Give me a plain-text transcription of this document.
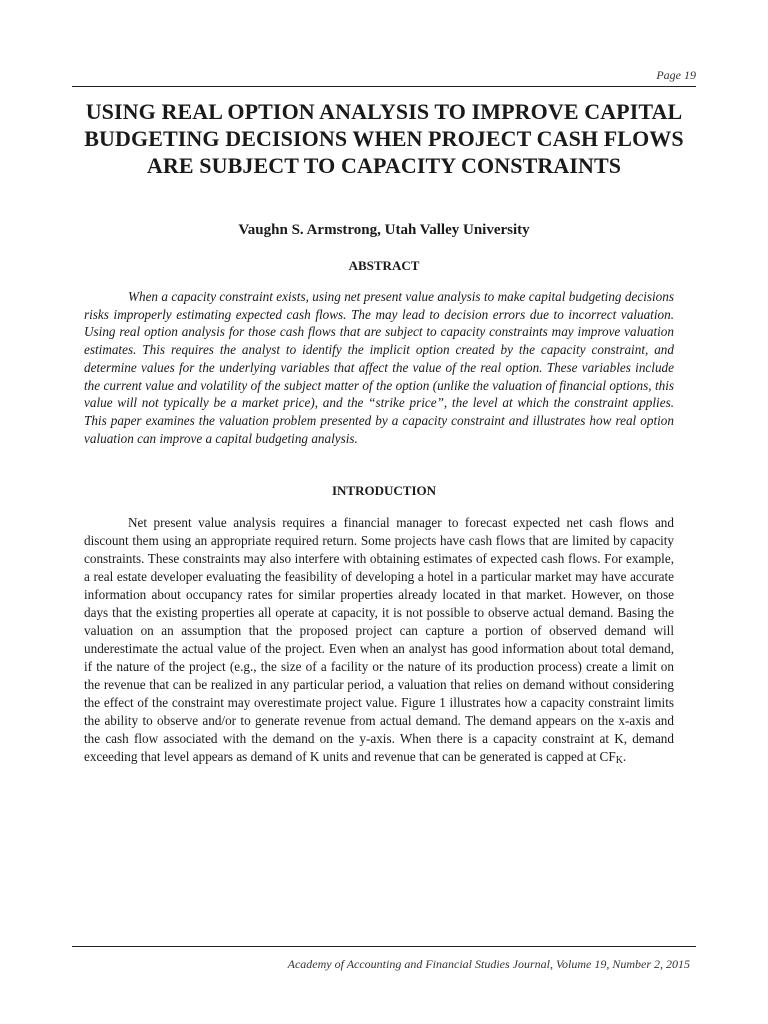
Page 19
USING REAL OPTION ANALYSIS TO IMPROVE CAPITAL BUDGETING DECISIONS WHEN PROJECT CASH FLOWS ARE SUBJECT TO CAPACITY CONSTRAINTS

Vaughn S. Armstrong, Utah Valley University

ABSTRACT

When a capacity constraint exists, using net present value analysis to make capital budgeting decisions risks improperly estimating expected cash flows. The may lead to decision errors due to incorrect valuation. Using real option analysis for those cash flows that are subject to capacity constraints may improve valuation estimates. This requires the analyst to identify the implicit option created by the capacity constraint, and determine values for the underlying variables that affect the value of the real option. These variables include the current value and volatility of the subject matter of the option (unlike the valuation of financial options, this value will not typically be a market price), and the “strike price”, the level at which the constraint applies. This paper examines the valuation problem presented by a capacity constraint and illustrates how real option valuation can improve a capital budgeting analysis.

INTRODUCTION

Net present value analysis requires a financial manager to forecast expected net cash flows and discount them using an appropriate required return. Some projects have cash flows that are limited by capacity constraints. These constraints may also interfere with obtaining estimates of expected cash flows. For example, a real estate developer evaluating the feasibility of developing a hotel in a particular market may have accurate information about occupancy rates for similar properties already located in that market. However, on those days that the existing properties all operate at capacity, it is not possible to observe actual demand. Basing the valuation on an assumption that the proposed project can capture a portion of observed demand will underestimate the actual value of the project. Even when an analyst has good information about total demand, if the nature of the project (e.g., the size of a facility or the nature of its production process) create a limit on the revenue that can be realized in any particular period, a valuation that relies on demand without considering the effect of the constraint may overestimate project value. Figure 1 illustrates how a capacity constraint limits the ability to observe and/or to generate revenue from actual demand. The demand appears on the x-axis and the cash flow associated with the demand on the y-axis. When there is a capacity constraint at K, demand exceeding that level appears as demand of K units and revenue that can be generated is capped at $CF_K$.

Academy of Accounting and Financial Studies Journal, Volume 19, Number 2, 2015
